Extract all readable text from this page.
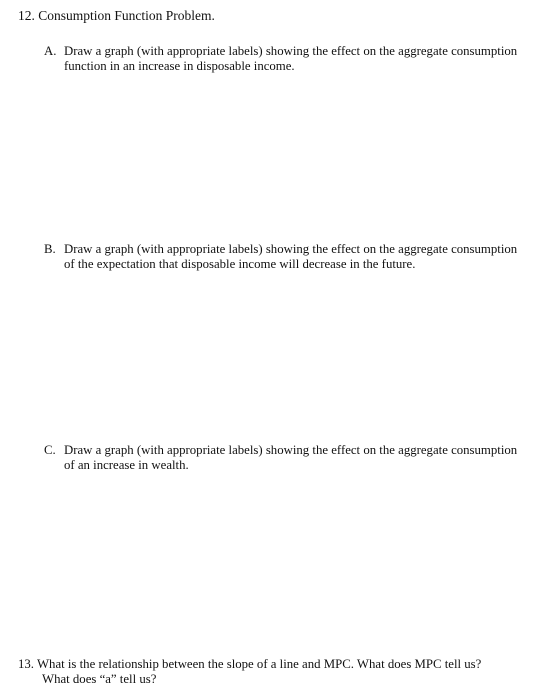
12. Consumption Function Problem.
A. Draw a graph (with appropriate labels) showing the effect on the aggregate consumption
function in an increase in disposable income.
B. Draw a graph (with appropriate labels) showing the effect on the aggregate consumption
of the expectation that disposable income will decrease in the future.
C. Draw a graph (with appropriate labels) showing the effect on the aggregate consumption
of an increase in wealth.
13. What is the relationship between the slope of a line and MPC. What does MPC tell us?
What does “a” tell us?
